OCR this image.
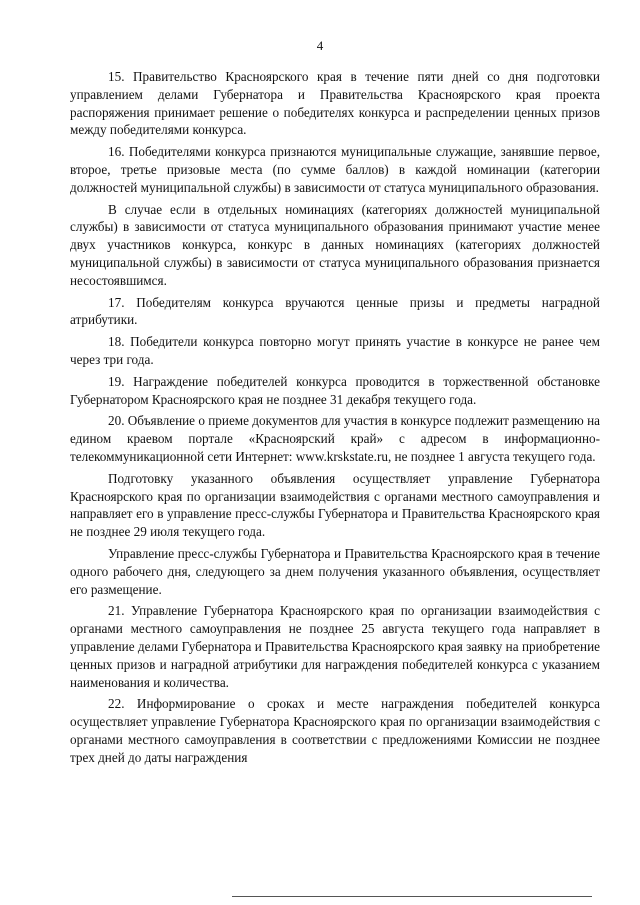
4

15. Правительство Красноярского края в течение пяти дней со дня подготовки управлением делами Губернатора и Правительства Красноярского края проекта распоряжения принимает решение о победителях конкурса и распределении ценных призов между победителями конкурса.

16. Победителями конкурса признаются муниципальные служащие, занявшие первое, второе, третье призовые места (по сумме баллов) в каждой номинации (категории должностей муниципальной службы) в зависимости от статуса муниципального образования.

В случае если в отдельных номинациях (категориях должностей муниципальной службы) в зависимости от статуса муниципального образования принимают участие менее двух участников конкурса, конкурс в данных номинациях (категориях должностей муниципальной службы) в зависимости от статуса муниципального образования признается несостоявшимся.

17. Победителям конкурса вручаются ценные призы и предметы наградной атрибутики.

18. Победители конкурса повторно могут принять участие в конкурсе не ранее чем через три года.

19. Награждение победителей конкурса проводится в торжественной обстановке Губернатором Красноярского края не позднее 31 декабря текущего года.

20. Объявление о приеме документов для участия в конкурсе подлежит размещению на едином краевом портале «Красноярский край» с адресом в информационно-телекоммуникационной сети Интернет: www.krskstate.ru, не позднее 1 августа текущего года.

Подготовку указанного объявления осуществляет управление Губернатора Красноярского края по организации взаимодействия с органами местного самоуправления и направляет его в управление пресс-службы Губернатора и Правительства Красноярского края не позднее 29 июля текущего года.

Управление пресс-службы Губернатора и Правительства Красноярского края в течение одного рабочего дня, следующего за днем получения указанного объявления, осуществляет его размещение.

21. Управление Губернатора Красноярского края по организации взаимодействия с органами местного самоуправления не позднее 25 августа текущего года направляет в управление делами Губернатора и Правительства Красноярского края заявку на приобретение ценных призов и наградной атрибутики для награждения победителей конкурса с указанием наименования и количества.

22. Информирование о сроках и месте награждения победителей конкурса осуществляет управление Губернатора Красноярского края по организации взаимодействия с органами местного самоуправления в соответствии с предложениями Комиссии не позднее трех дней до даты награждения
